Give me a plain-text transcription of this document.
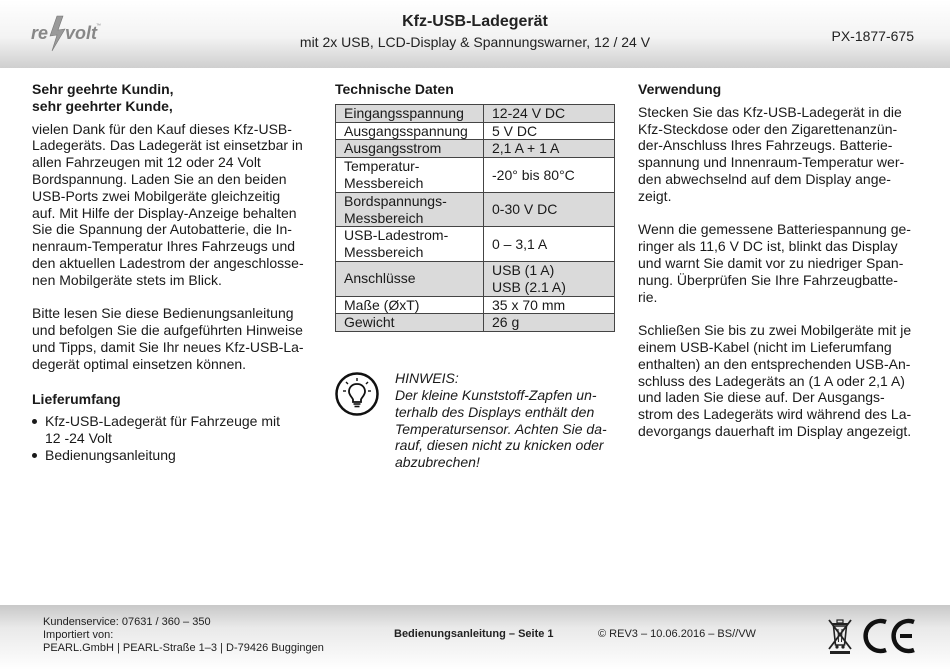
re volt
™	Kfz-USB-Ladegerät
mit 2x USB, LCD-Display & Spannungswarner, 12 / 24 V	PX-1877-675

Sehr geehrte Kundin,

sehr geehrter Kunde,

vielen Dank für den Kauf dieses Kfz-USB-
Ladegeräts. Das Ladegerät ist einsetzbar in
allen Fahrzeugen mit 12 oder 24 Volt
Bordspannung. Laden Sie an den beiden
USB-Ports zwei Mobilgeräte gleichzeitig
auf. Mit Hilfe der Display-Anzeige behalten
Sie die Spannung der Autobatterie, die In-
nenraum-Temperatur Ihres Fahrzeugs und
den aktuellen Ladestrom der angeschlosse-
nen Mobilgeräte stets im Blick.
Bitte lesen Sie diese Bedienungsanleitung
und befolgen Sie die aufgeführten Hinweise
und Tipps, damit Sie Ihr neues Kfz-USB-La-
degerät optimal einsetzen können.

Lieferumfang

Kfz-USB-Ladegerät für Fahrzeuge mit
12 -24 Volt
Bedienungsanleitung

Technische Daten

Eingangsspannung	12-24 V DC

Ausgangsspannung	5 V DC

Ausgangsstrom	2,1 A + 1 A

Temperatur-
Messbereich	-20° bis 80°C

Bordspannungs-
Messbereich	0-30 V DC

USB-Ladestrom-
Messbereich	0 – 3,1 A

Anschlüsse	USB (1 A)
USB (2.1 A)

Maße (ØxT)	35 x 70 mm

Gewicht	26 g
HINWEIS:
Der kleine Kunststoff-Zapfen un-
terhalb des Displays enthält den
Temperatursensor. Achten Sie da-
rauf, diesen nicht zu knicken oder
abzubrechen!

Verwendung

Stecken Sie das Kfz-USB-Ladegerät in die
Kfz-Steckdose oder den Zigarettenanzün-
der-Anschluss Ihres Fahrzeugs. Batterie-
spannung und Innenraum-Temperatur wer-
den abwechselnd auf dem Display ange-
zeigt.
Wenn die gemessene Batteriespannung ge-
ringer als 11,6 V DC ist, blinkt das Display
und warnt Sie damit vor zu niedriger Span-
nung. Überprüfen Sie Ihre Fahrzeugbatte-
rie.
Schließen Sie bis zu zwei Mobilgeräte mit je
einem USB-Kabel (nicht im Lieferumfang
enthalten) an den entsprechenden USB-An-
schluss des Ladegeräts an (1 A oder 2,1 A)
und laden Sie diese auf. Der Ausgangs-
strom des Ladegeräts wird während des La-
devorgangs dauerhaft im Display angezeigt.
Kundenservice: 07631 / 360 – 350
Importiert von:
PEARL.GmbH | PEARL-Straße 1–3 | D-79426 Buggingen
Bedienungsanleitung – Seite 1	© REV3 – 10.06.2016 – BS//VW
